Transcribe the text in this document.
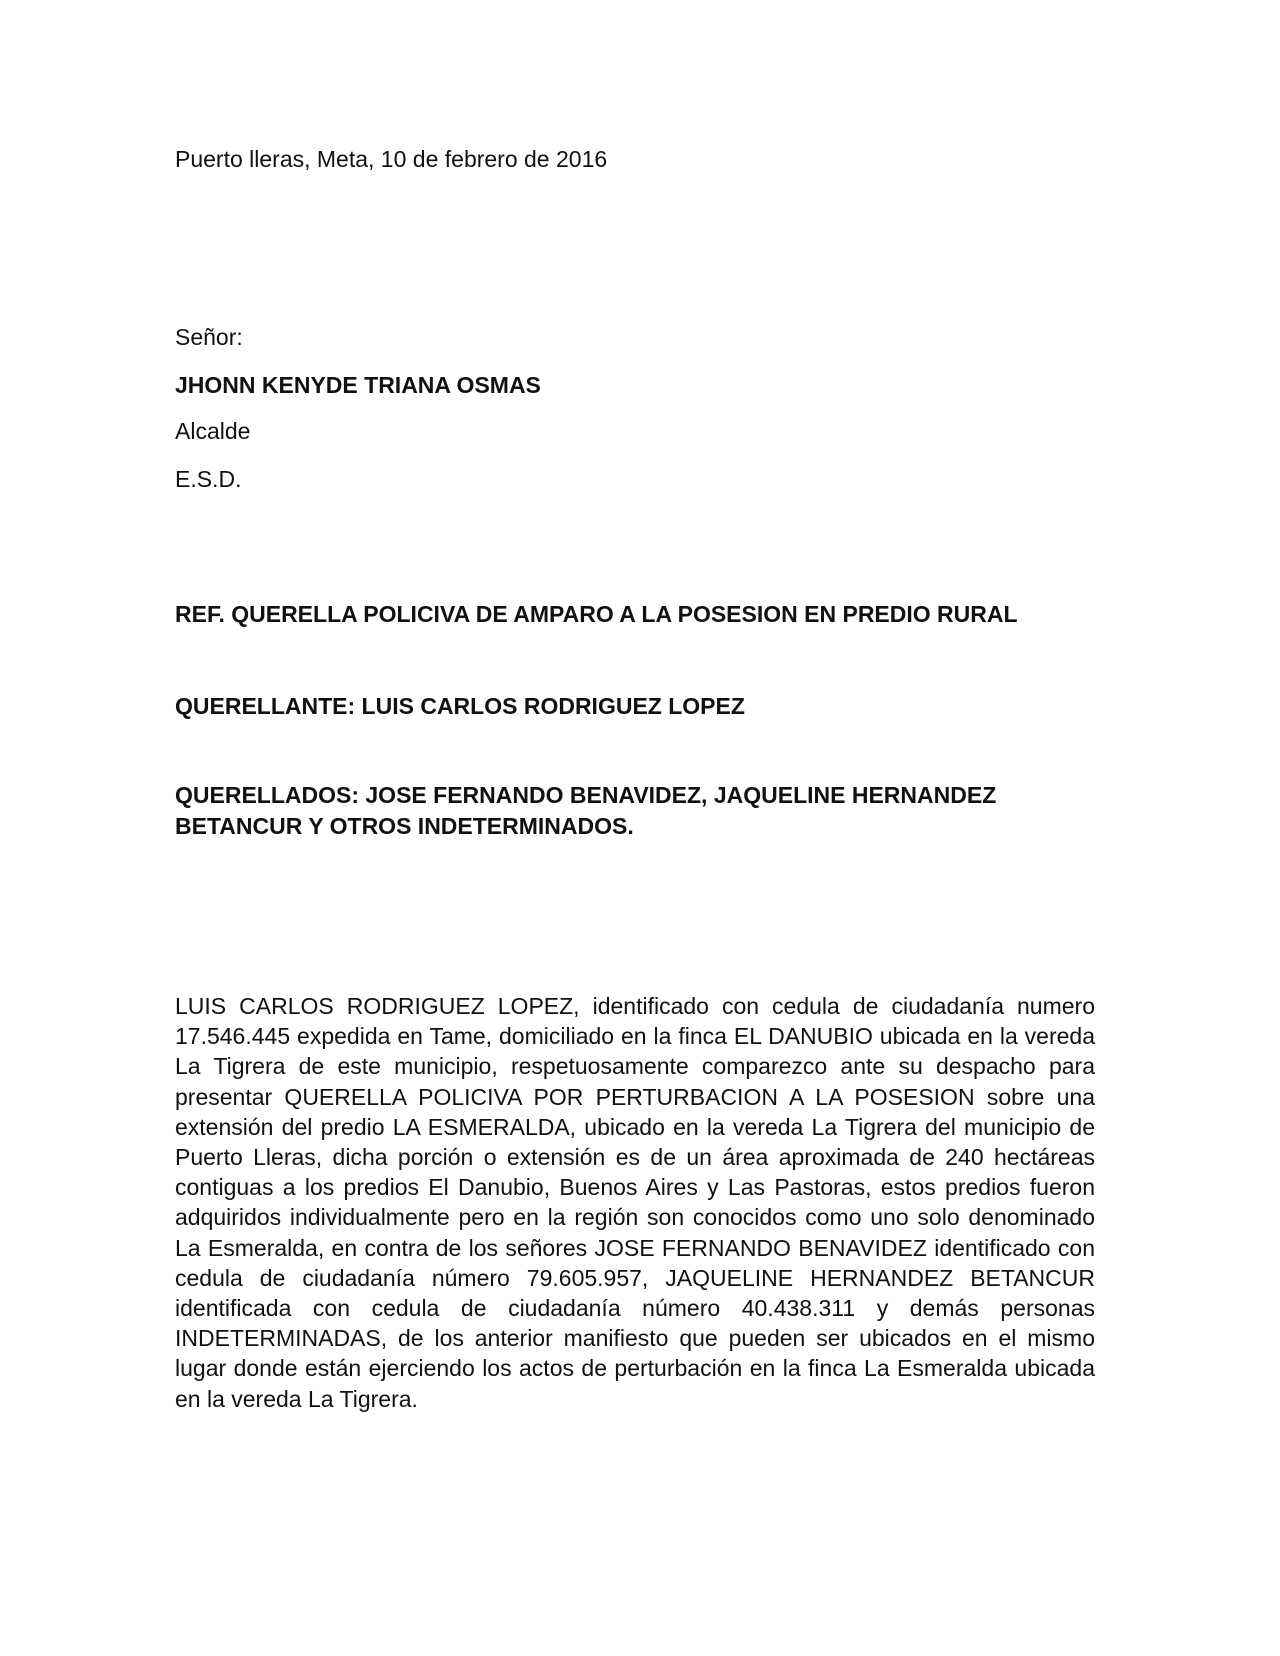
Puerto lleras, Meta, 10 de febrero de 2016

Señor:

JHONN KENYDE TRIANA OSMAS

Alcalde

E.S.D.

REF. QUERELLA POLICIVA DE AMPARO A LA POSESION EN PREDIO RURAL

QUERELLANTE: LUIS CARLOS RODRIGUEZ LOPEZ

QUERELLADOS: JOSE FERNANDO BENAVIDEZ, JAQUELINE HERNANDEZ BETANCUR Y OTROS INDETERMINADOS.

LUIS CARLOS RODRIGUEZ LOPEZ, identificado con cedula de ciudadanía numero 17.546.445 expedida en Tame, domiciliado en la finca EL DANUBIO ubicada en la vereda La Tigrera de este municipio, respetuosamente comparezco ante su despacho para presentar QUERELLA POLICIVA POR PERTURBACION A LA POSESION sobre una extensión del predio LA ESMERALDA, ubicado en la vereda La Tigrera del municipio de Puerto Lleras, dicha porción o extensión es de un área aproximada de 240 hectáreas contiguas a los predios El Danubio, Buenos Aires y Las Pastoras, estos predios fueron adquiridos individualmente pero en la región son conocidos como uno solo denominado La Esmeralda, en contra de los señores JOSE FERNANDO BENAVIDEZ identificado con cedula de ciudadanía número 79.605.957, JAQUELINE HERNANDEZ BETANCUR identificada con cedula de ciudadanía número 40.438.311 y demás personas INDETERMINADAS, de los anterior manifiesto que pueden ser ubicados en el mismo lugar donde están ejerciendo los actos de perturbación en la finca La Esmeralda ubicada en la vereda La Tigrera.
